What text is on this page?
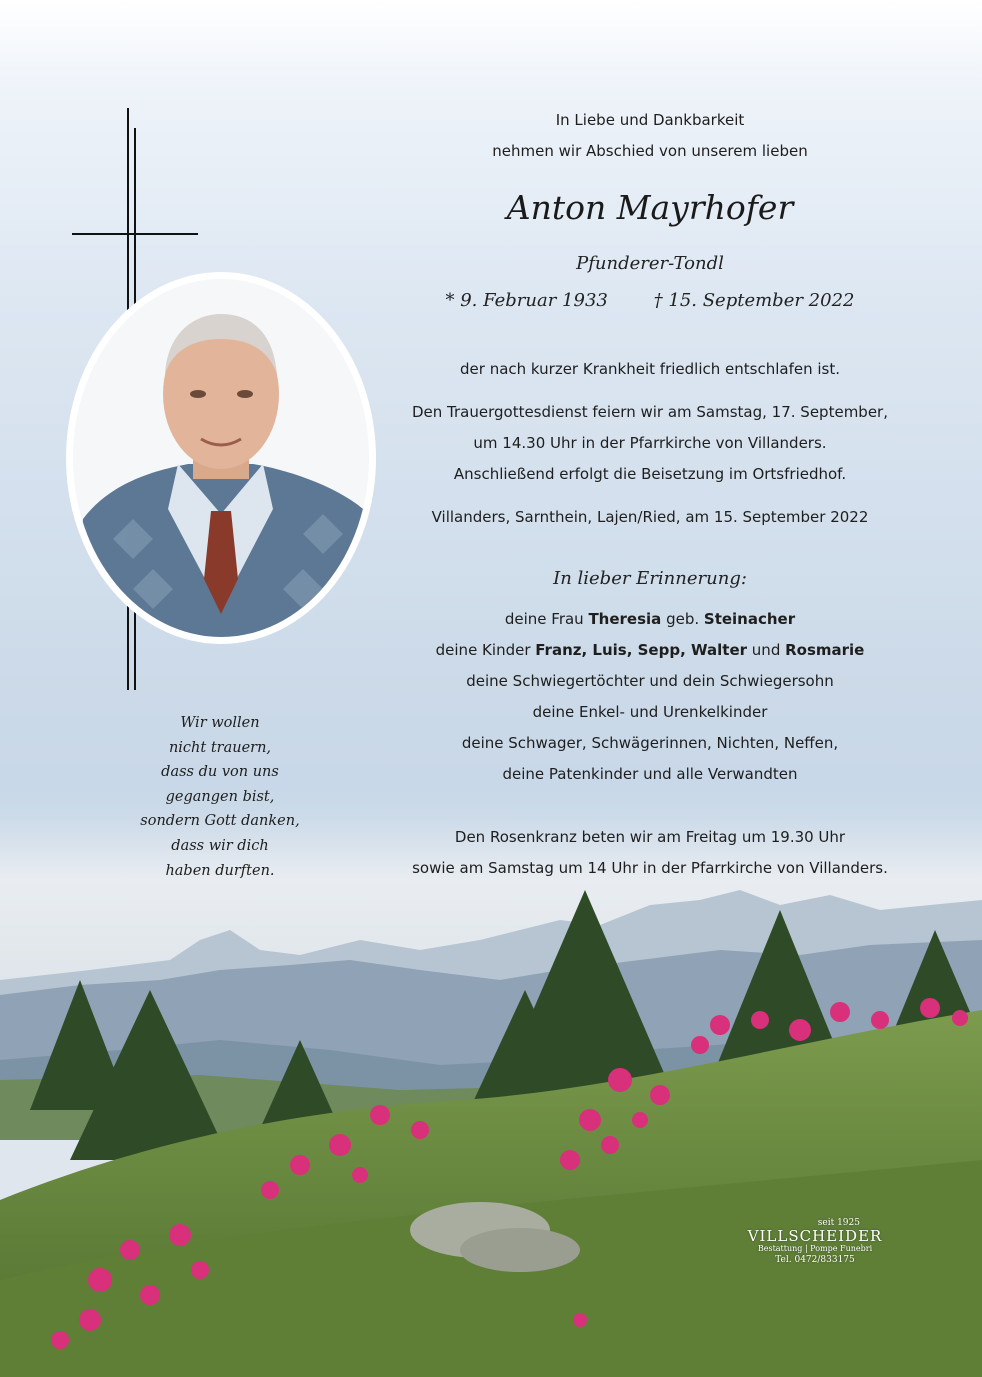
In Liebe und Dankbarkeit
nehmen wir Abschied von unserem lieben
Anton Mayrhofer
Pfunderer-Tondl
* 9. Februar 1933	† 15. September 2022
der nach kurzer Krankheit friedlich entschlafen ist.
Den Trauergottesdienst feiern wir am Samstag, 17. September,
um 14.30 Uhr in der Pfarrkirche von Villanders.
Anschließend erfolgt die Beisetzung im Ortsfriedhof.
Villanders, Sarnthein, Lajen/Ried, am 15. September 2022
In lieber Erinnerung:
deine Frau Theresia geb. Steinacher
deine Kinder Franz, Luis, Sepp, Walter und Rosmarie
deine Schwiegertöchter und dein Schwiegersohn
deine Enkel- und Urenkelkinder
deine Schwager, Schwägerinnen, Nichten, Neffen,
deine Patenkinder und alle Verwandten
Den Rosenkranz beten wir am Freitag um 19.30 Uhr
sowie am Samstag um 14 Uhr in der Pfarrkirche von Villanders.
Wir wollen
nicht trauern,
dass du von uns
gegangen bist,
sondern Gott danken,
dass wir dich
haben durften.
seit 1925
VILLSCHEIDER
Bestattung | Pompe Funebri
Tel. 0472/833175
